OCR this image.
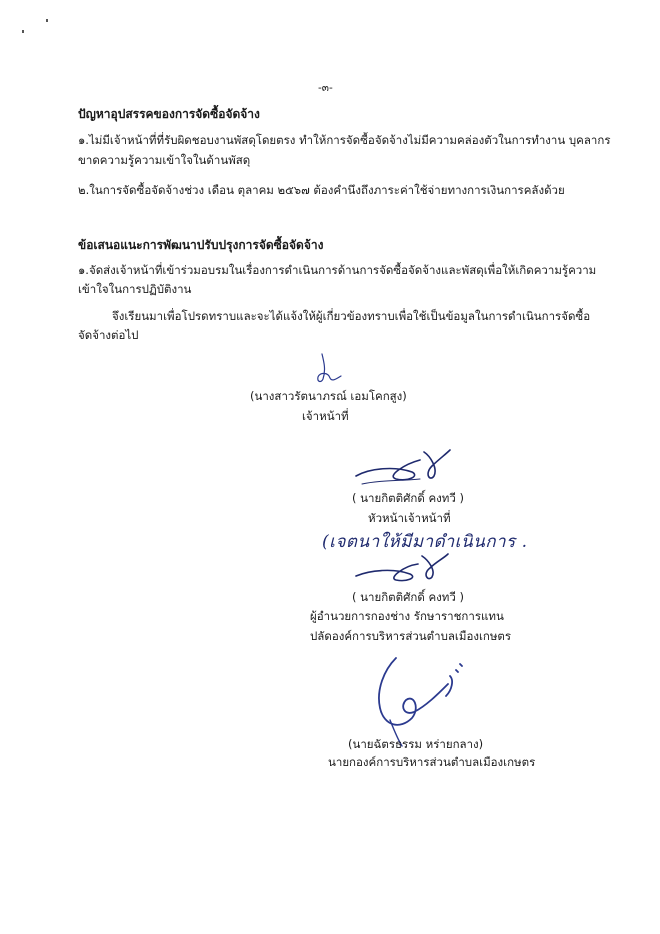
-๓-
ปัญหาอุปสรรคของการจัดซื้อจัดจ้าง
๑.ไม่มีเจ้าหน้าที่ที่รับผิดชอบงานพัสดุโดยตรง ทำให้การจัดซื้อจัดจ้างไม่มีความคล่องตัวในการทำงาน บุคลากร
ขาดความรู้ความเข้าใจในด้านพัสดุ
๒.ในการจัดซื้อจัดจ้างช่วง เดือน ตุลาคม ๒๕๖๗ ต้องคำนึงถึงภาระค่าใช้จ่ายทางการเงินการคลังด้วย
ข้อเสนอแนะการพัฒนาปรับปรุงการจัดซื้อจัดจ้าง
๑.จัดส่งเจ้าหน้าที่เข้าร่วมอบรมในเรื่องการดำเนินการด้านการจัดซื้อจัดจ้างและพัสดุเพื่อให้เกิดความรู้ความ
เข้าใจในการปฏิบัติงาน
จึงเรียนมาเพื่อโปรดทราบและจะได้แจ้งให้ผู้เกี่ยวข้องทราบเพื่อใช้เป็นข้อมูลในการดำเนินการจัดซื้อ
จัดจ้างต่อไป
(นางสาวรัตนาภรณ์ เอมโคกสูง)
เจ้าหน้าที่
( นายกิตติศักดิ์ คงทวี )
หัวหน้าเจ้าหน้าที่
(เจตนาให้มีมาดำเนินการ .
( นายกิตติศักดิ์ คงทวี )
ผู้อำนวยการกองช่าง รักษาราชการแทน
ปลัดองค์การบริหารส่วนตำบลเมืองเกษตร
(นายฉัตรธรรม หร่ายกลาง)
นายกองค์การบริหารส่วนตำบลเมืองเกษตร
